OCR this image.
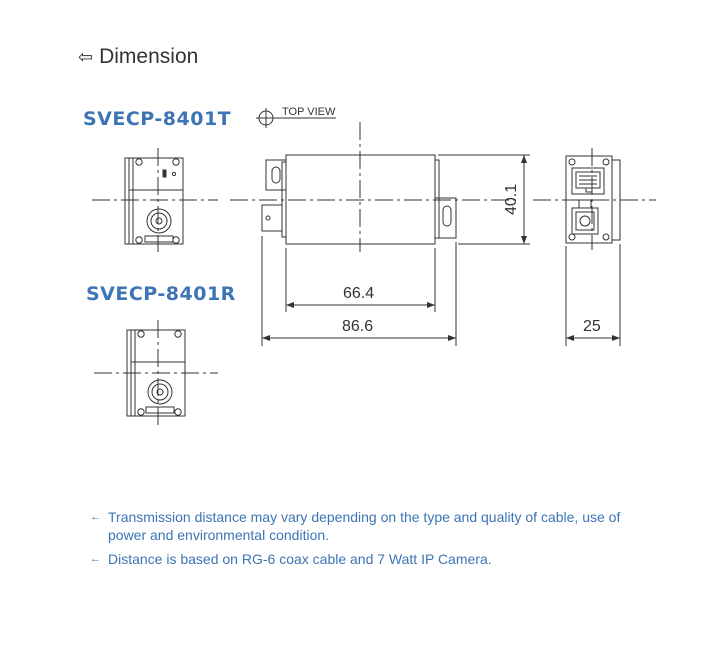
⇦ Dimension
SVECP-8401T
SVECP-8401R
TOP VIEW
66.4
86.6	25
40.1
← Transmission distance may vary depending on the type and quality of cable, use of power and environmental condition.
← Distance is based on RG-6 coax cable and 7 Watt IP Camera.
